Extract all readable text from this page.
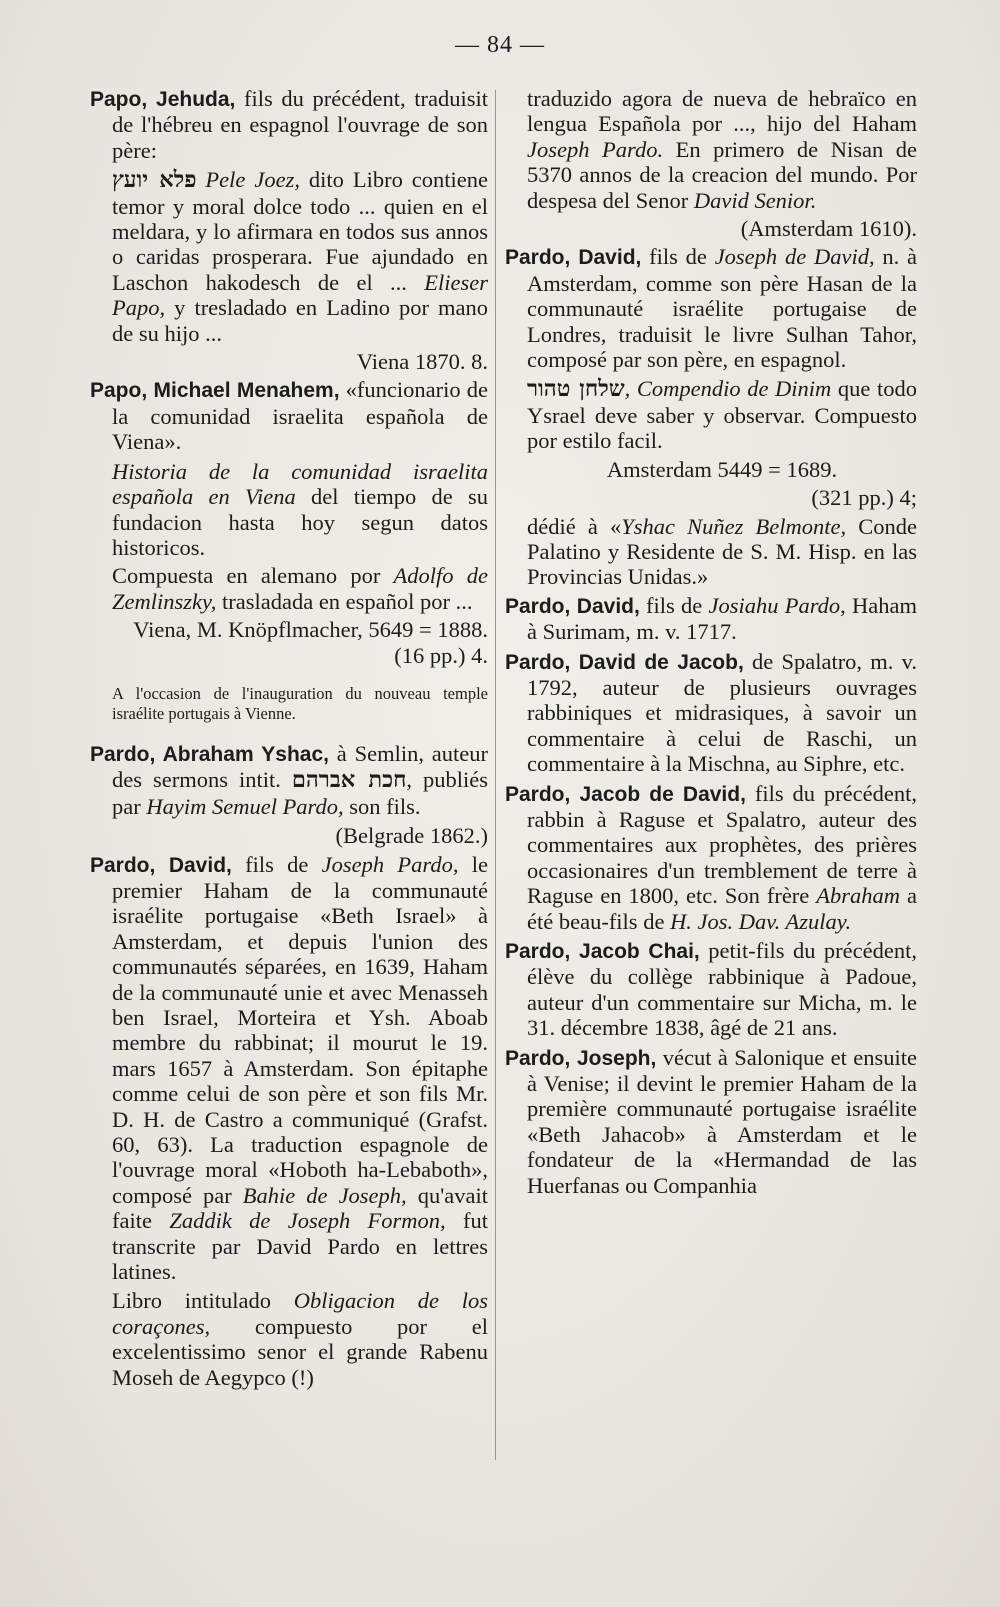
— 84 —

Papo, Jehuda, fils du précédent, traduisit de l'hébreu en espagnol l'ouvrage de son père:

פלא יועץ Pele Joez, dito Libro contiene temor y moral dolce todo ... quien en el meldara, y lo afirmara en todos sus annos o caridas prosperara. Fue ajundado en Laschon hakodesch de el ... Elieser Papo, y tresladado en Ladino por mano de su hijo ...

Viena 1870. 8.

Papo, Michael Menahem, «funcionario de la comunidad israelita española de Viena».

Historia de la comunidad israelita española en Viena del tiempo de su fundacion hasta hoy segun datos historicos.

Compuesta en alemano por Adolfo de Zemlinszky, trasladada en español por ...

Viena, M. Knöpflmacher, 5649 = 1888. (16 pp.) 4.

A l'occasion de l'inauguration du nouveau temple israélite portugais à Vienne.

Pardo, Abraham Yshac, à Semlin, auteur des sermons intit. חכת אברהם, publiés par Hayim Semuel Pardo, son fils.

(Belgrade 1862.)

Pardo, David, fils de Joseph Pardo, le premier Haham de la communauté israélite portugaise «Beth Israel» à Amsterdam, et depuis l'union des communautés séparées, en 1639, Haham de la communauté unie et avec Menasseh ben Israel, Morteira et Ysh. Aboab membre du rabbinat; il mourut le 19. mars 1657 à Amsterdam. Son épitaphe comme celui de son père et son fils Mr. D. H. de Castro a communiqué (Grafst. 60, 63). La traduction espagnole de l'ouvrage moral «Hoboth ha-Lebaboth», composé par Bahie de Joseph, qu'avait faite Zaddik de Joseph Formon, fut transcrite par David Pardo en lettres latines.

Libro intitulado Obligacion de los coraçones, compuesto por el excelentissimo senor el grande Rabenu Moseh de Aegypco (!)

traduzido agora de nueva de hebraïco en lengua Española por ..., hijo del Haham Joseph Pardo. En primero de Nisan de 5370 annos de la creacion del mundo. Por despesa del Senor David Senior.

(Amsterdam 1610).

Pardo, David, fils de Joseph de David, n. à Amsterdam, comme son père Hasan de la communauté israélite portugaise de Londres, traduisit le livre Sulhan Tahor, composé par son père, en espagnol.

שלחן טהור, Compendio de Dinim que todo Ysrael deve saber y observar. Compuesto por estilo facil.

Amsterdam 5449 = 1689.

(321 pp.) 4;

dédié à «Yshac Nuñez Belmonte, Conde Palatino y Residente de S. M. Hisp. en las Provincias Unidas.»

Pardo, David, fils de Josiahu Pardo, Haham à Surimam, m. v. 1717.

Pardo, David de Jacob, de Spalatro, m. v. 1792, auteur de plusieurs ouvrages rabbiniques et midrasiques, à savoir un commentaire à celui de Raschi, un commentaire à la Mischna, au Siphre, etc.

Pardo, Jacob de David, fils du précédent, rabbin à Raguse et Spalatro, auteur des commentaires aux prophètes, des prières occasionaires d'un tremblement de terre à Raguse en 1800, etc. Son frère Abraham a été beau-fils de H. Jos. Dav. Azulay.

Pardo, Jacob Chai, petit-fils du précédent, élève du collège rabbinique à Padoue, auteur d'un commentaire sur Micha, m. le 31. décembre 1838, âgé de 21 ans.

Pardo, Joseph, vécut à Salonique et ensuite à Venise; il devint le premier Haham de la première communauté portugaise israélite «Beth Jahacob» à Amsterdam et le fondateur de la «Hermandad de las Huerfanas ou Companhia
